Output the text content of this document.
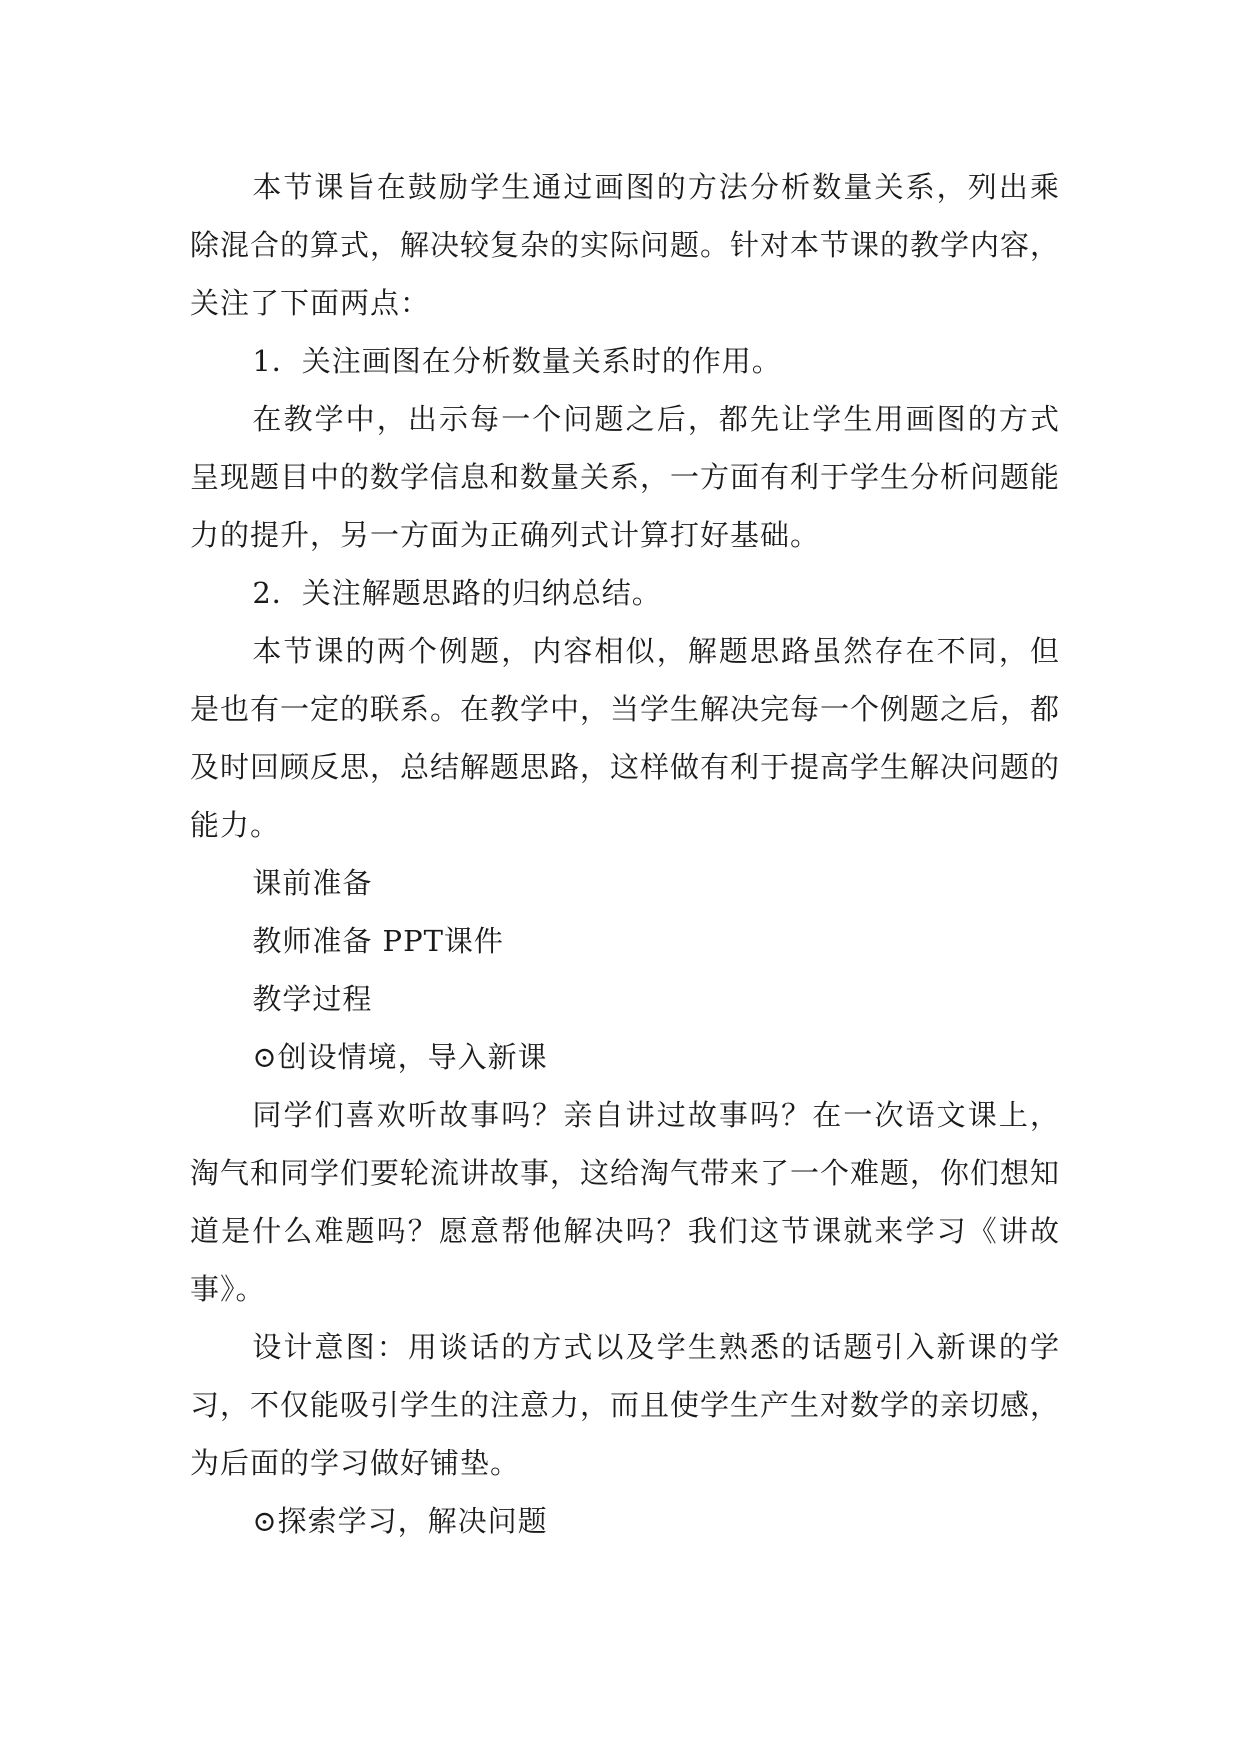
本节课旨在鼓励学生通过画图的方法分析数量关系，列出乘除混合的算式，解决较复杂的实际问题。针对本节课的教学内容，关注了下面两点：

1．关注画图在分析数量关系时的作用。

在教学中，出示每一个问题之后，都先让学生用画图的方式呈现题目中的数学信息和数量关系，一方面有利于学生分析问题能力的提升，另一方面为正确列式计算打好基础。

2．关注解题思路的归纳总结。

本节课的两个例题，内容相似，解题思路虽然存在不同，但是也有一定的联系。在教学中，当学生解决完每一个例题之后，都及时回顾反思，总结解题思路，这样做有利于提高学生解决问题的能力。

课前准备

教师准备 PPT课件

教学过程

⊙创设情境，导入新课

同学们喜欢听故事吗？亲自讲过故事吗？在一次语文课上，淘气和同学们要轮流讲故事，这给淘气带来了一个难题，你们想知道是什么难题吗？愿意帮他解决吗？我们这节课就来学习《讲故事》。

设计意图：用谈话的方式以及学生熟悉的话题引入新课的学习，不仅能吸引学生的注意力，而且使学生产生对数学的亲切感，为后面的学习做好铺垫。

⊙探索学习，解决问题
